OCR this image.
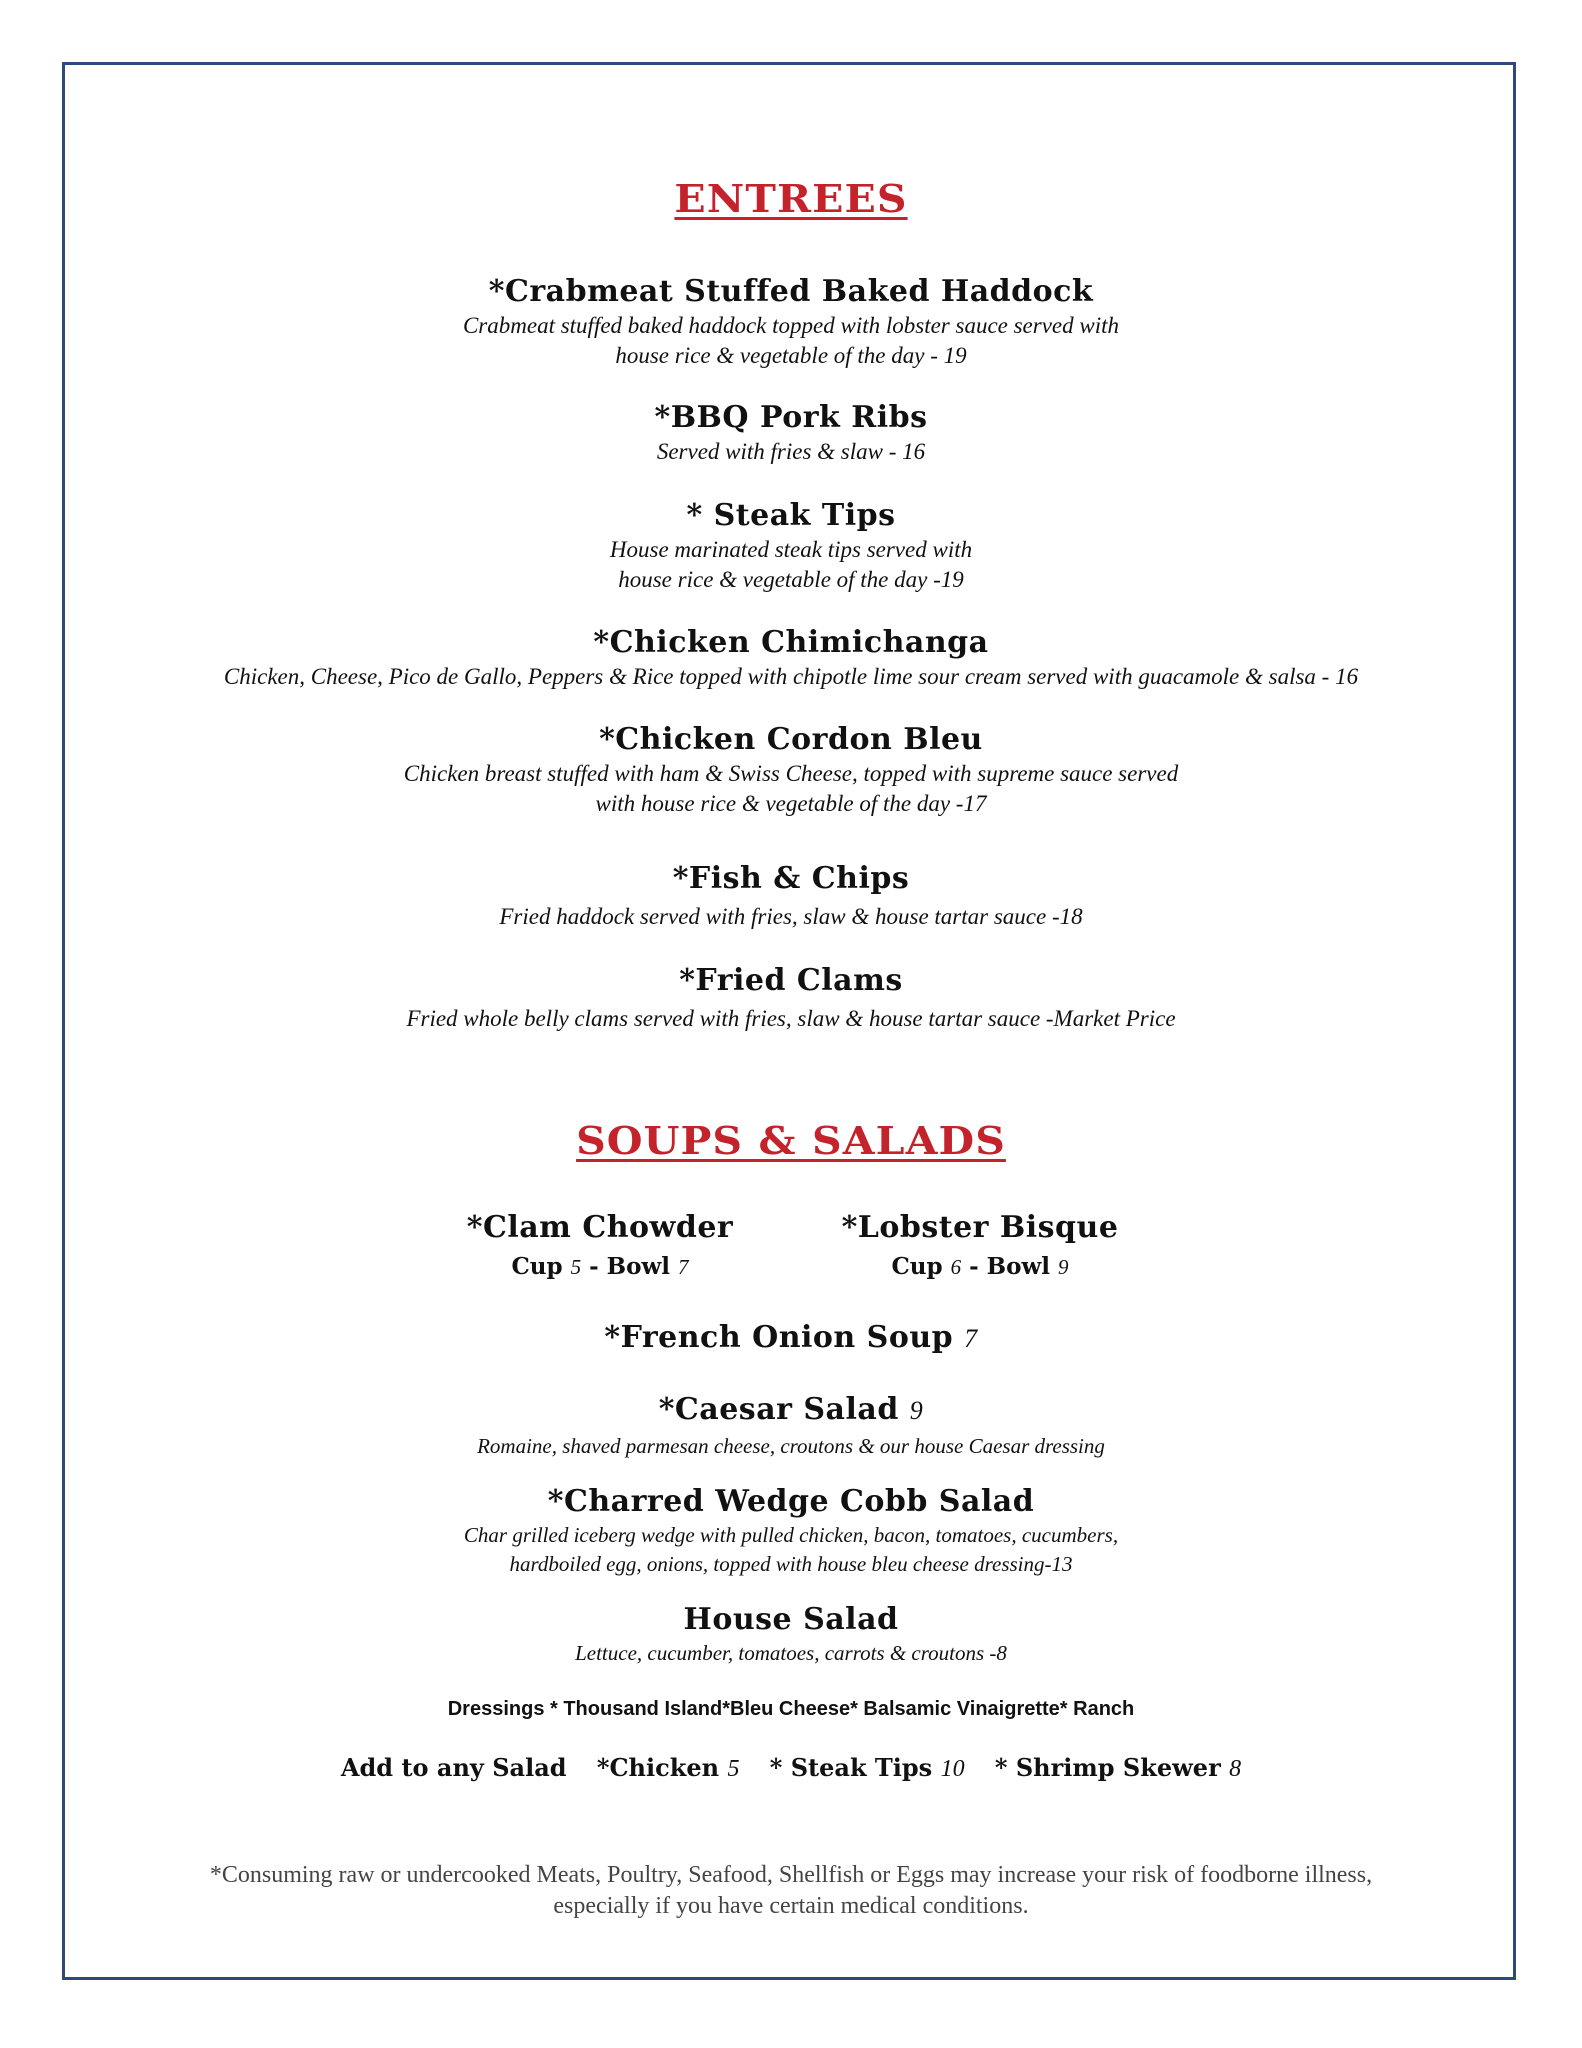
ENTREES
*Crabmeat Stuffed Baked Haddock
Crabmeat stuffed baked haddock topped with lobster sauce served with
house rice & vegetable of the day - 19
*BBQ Pork Ribs
Served with fries & slaw - 16
* Steak Tips
House marinated steak tips served with
house rice & vegetable of the day -19
*Chicken Chimichanga
Chicken, Cheese, Pico de Gallo, Peppers & Rice topped with chipotle lime sour cream served with guacamole & salsa - 16
*Chicken Cordon Bleu
Chicken breast stuffed with ham & Swiss Cheese, topped with supreme sauce served
with house rice & vegetable of the day -17
*Fish & Chips
Fried haddock served with fries, slaw & house tartar sauce -18
*Fried Clams
Fried whole belly clams served with fries, slaw & house tartar sauce -Market Price
SOUPS & SALADS
*Clam Chowder
Cup 5 - Bowl 7
*Lobster Bisque
Cup 6 - Bowl 9
*French Onion Soup 7
*Caesar Salad 9
Romaine, shaved parmesan cheese, croutons & our house Caesar dressing
*Charred Wedge Cobb Salad
Char grilled iceberg wedge with pulled chicken, bacon, tomatoes, cucumbers,
hardboiled egg, onions, topped with house bleu cheese dressing-13
House Salad
Lettuce, cucumber, tomatoes, carrots & croutons -8
Dressings * Thousand Island*Bleu Cheese* Balsamic Vinaigrette* Ranch
Add to any Salad *Chicken 5 * Steak Tips 10 * Shrimp Skewer 8
*Consuming raw or undercooked Meats, Poultry, Seafood, Shellfish or Eggs may increase your risk of foodborne illness,
especially if you have certain medical conditions.
